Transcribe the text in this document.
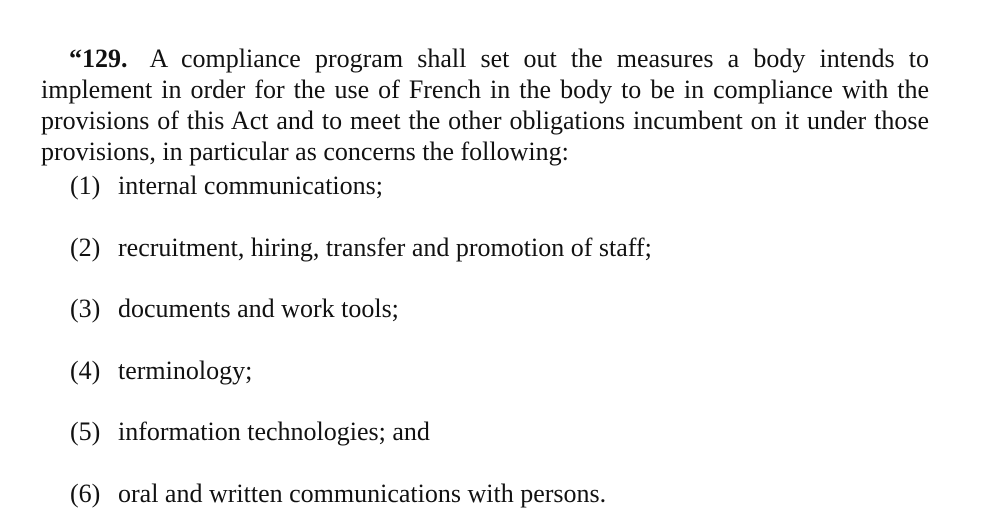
“129. A compliance program shall set out the measures a body intends to implement in order for the use of French in the body to be in compliance with the provisions of this Act and to meet the other obligations incumbent on it under those provisions, in particular as concerns the following:

(1) internal communications;
(2) recruitment, hiring, transfer and promotion of staff;
(3) documents and work tools;
(4) terminology;
(5) information technologies; and
(6) oral and written communications with persons.
